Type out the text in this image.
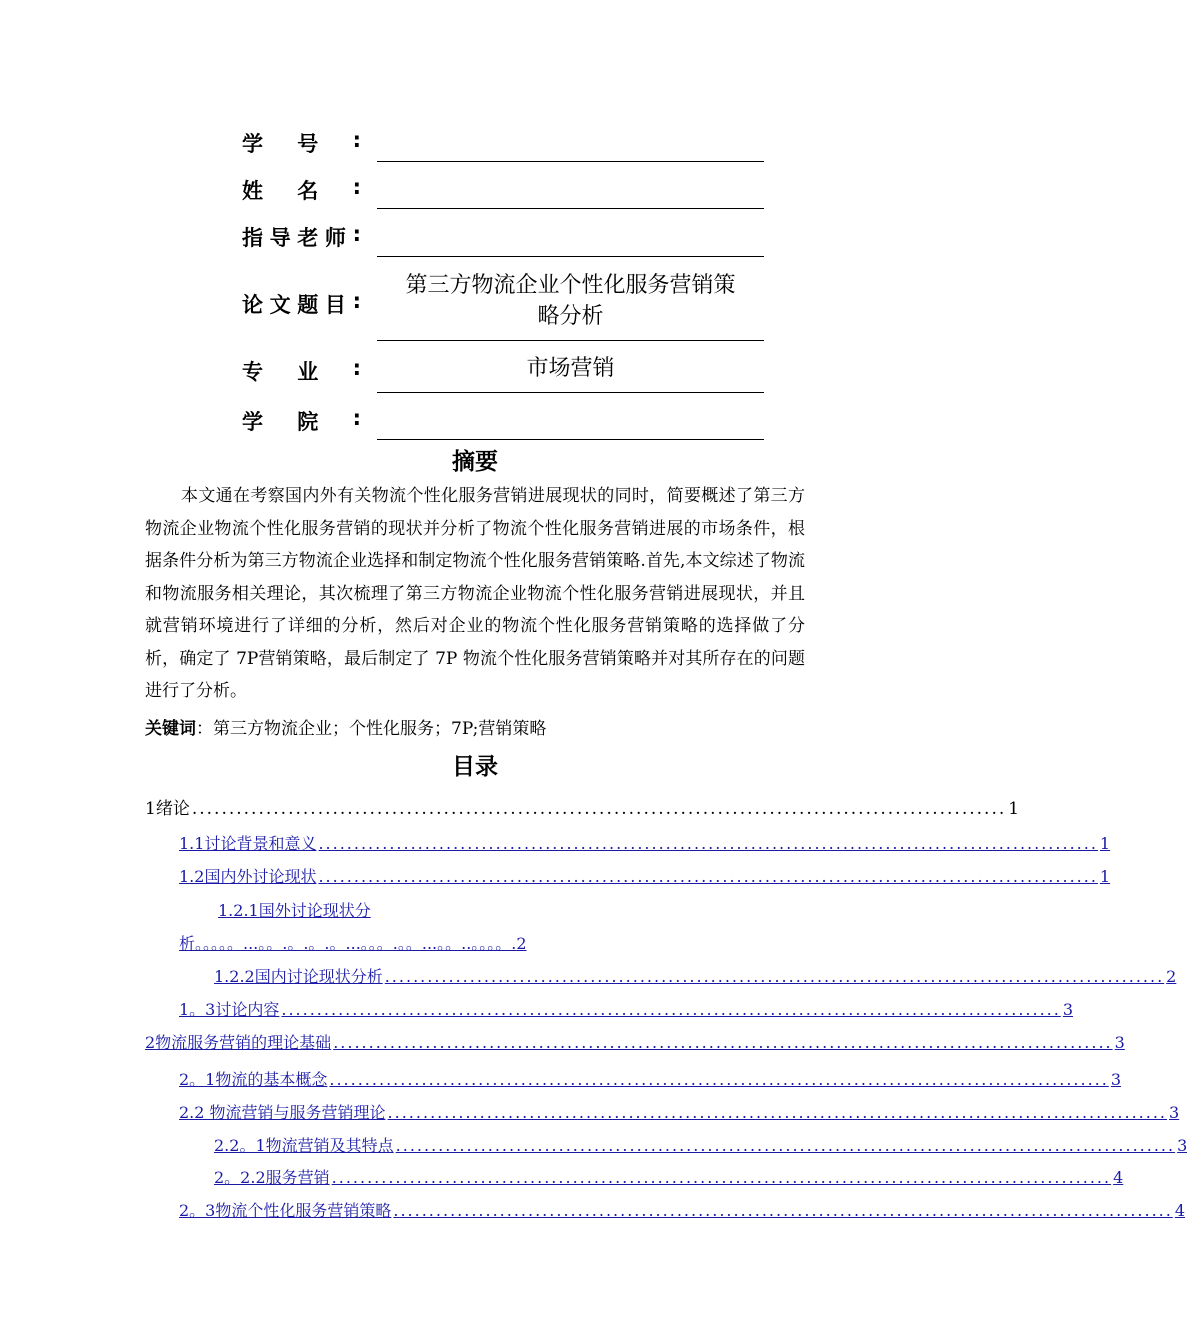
学 号 :
姓 名 :
指 导 老 师 :
论 文 题 目 :
第三方物流企业个性化服务营销策
略分析
专 业 :	市场营销
学 院 :
摘要

本文通在考察国内外有关物流个性化服务营销进展现状的同时，简要概述了第三方物流企业物流个性化服务营销的现状并分析了物流个性化服务营销进展的市场条件，根据条件分析为第三方物流企业选择和制定物流个性化服务营销策略.首先,本文综述了物流和物流服务相关理论，其次梳理了第三方物流企业物流个性化服务营销进展现状，并且就营销环境进行了详细的分析，然后对企业的物流个性化服务营销策略的选择做了分析，确定了 7P营销策略，最后制定了 7P 物流个性化服务营销策略并对其所存在的问题进行了分析。

关键词：第三方物流企业；个性化服务；7P;营销策略
目录
1绪论 .............................................................................................................. 1
1.1讨论背景和意义 .............................................................................................................. 1
1.2国内外讨论现状 .............................................................................................................. 1
1.2.1国外讨论现状分
析。。。。。...。。.。.。.。...。。。.。。...。。..。。。。. 2
1.2.2国内讨论现状分析 .............................................................................................................. 2
1。3讨论内容 .............................................................................................................. 3
2物流服务营销的理论基础 .............................................................................................................. 3
2。1物流的基本概念 .............................................................................................................. 3
2.2 物流营销与服务营销理论 .............................................................................................................. 3
2.2。1物流营销及其特点 .............................................................................................................. 3
2。2.2服务营销 .............................................................................................................. 4
2。3物流个性化服务营销策略 .............................................................................................................. 4
